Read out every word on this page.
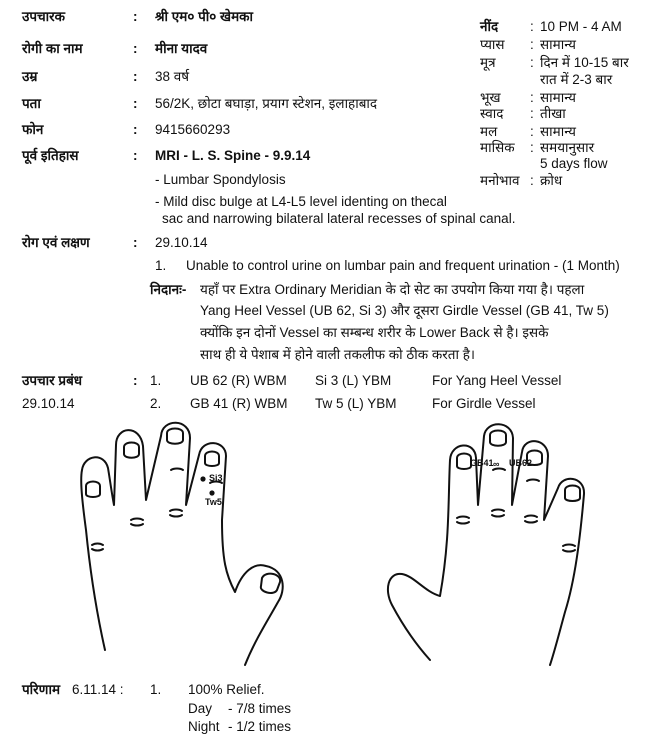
उपचारक	: श्री एम० पी० खेमका
रोगी का नाम	: मीना यादव
उम्र	: 38 वर्ष
पता	: 56/2K, छोटा बघाड़ा, प्रयाग स्टेशन, इलाहाबाद
फोन	: 9415660293
पूर्व इतिहास	: MRI - L. S. Spine - 9.9.14
- Lumbar Spondylosis
- Mild disc bulge at L4-L5 level identing on thecal
sac and narrowing bilateral lateral recesses of spinal canal.
नींद : 10 PM - 4 AM
प्यास : सामान्य
मूत्र	: दिन में 10-15 बार
रात में 2-3 बार
भूख : सामान्य
स्वाद : तीखा
मल : सामान्य
मासिक : समयानुसार
5 days flow
मनोभाव : क्रोध
रोग एवं लक्षण	: 29.10.14
1. Unable to control urine on lumbar pain and frequent urination - (1 Month)
निदानः- यहाँ पर Extra Ordinary Meridian के दो सेट का उपयोग किया गया है। पहला
Yang Heel Vessel (UB 62, Si 3) और दूसरा Girdle Vessel (GB 41, Tw 5)
क्योंकि इन दोनों Vessel का सम्बन्ध शरीर के Lower Back से है। इसके
साथ ही ये पेशाब में होने वाली तकलीफ को ठीक करता है।
उपचार प्रबंध	:
29.10.14
1. UB 62 (R) WBM Si 3 (L) YBM	For Yang Heel Vessel
2. GB 41 (R) WBM Tw 5 (L) YBM	For Girdle Vessel
Si3
Tw5
GB41 ∞ UB62
परिणाम 6.11.14 : 1. 100% Relief.
Day - 7/8 times
Night - 1/2 times
